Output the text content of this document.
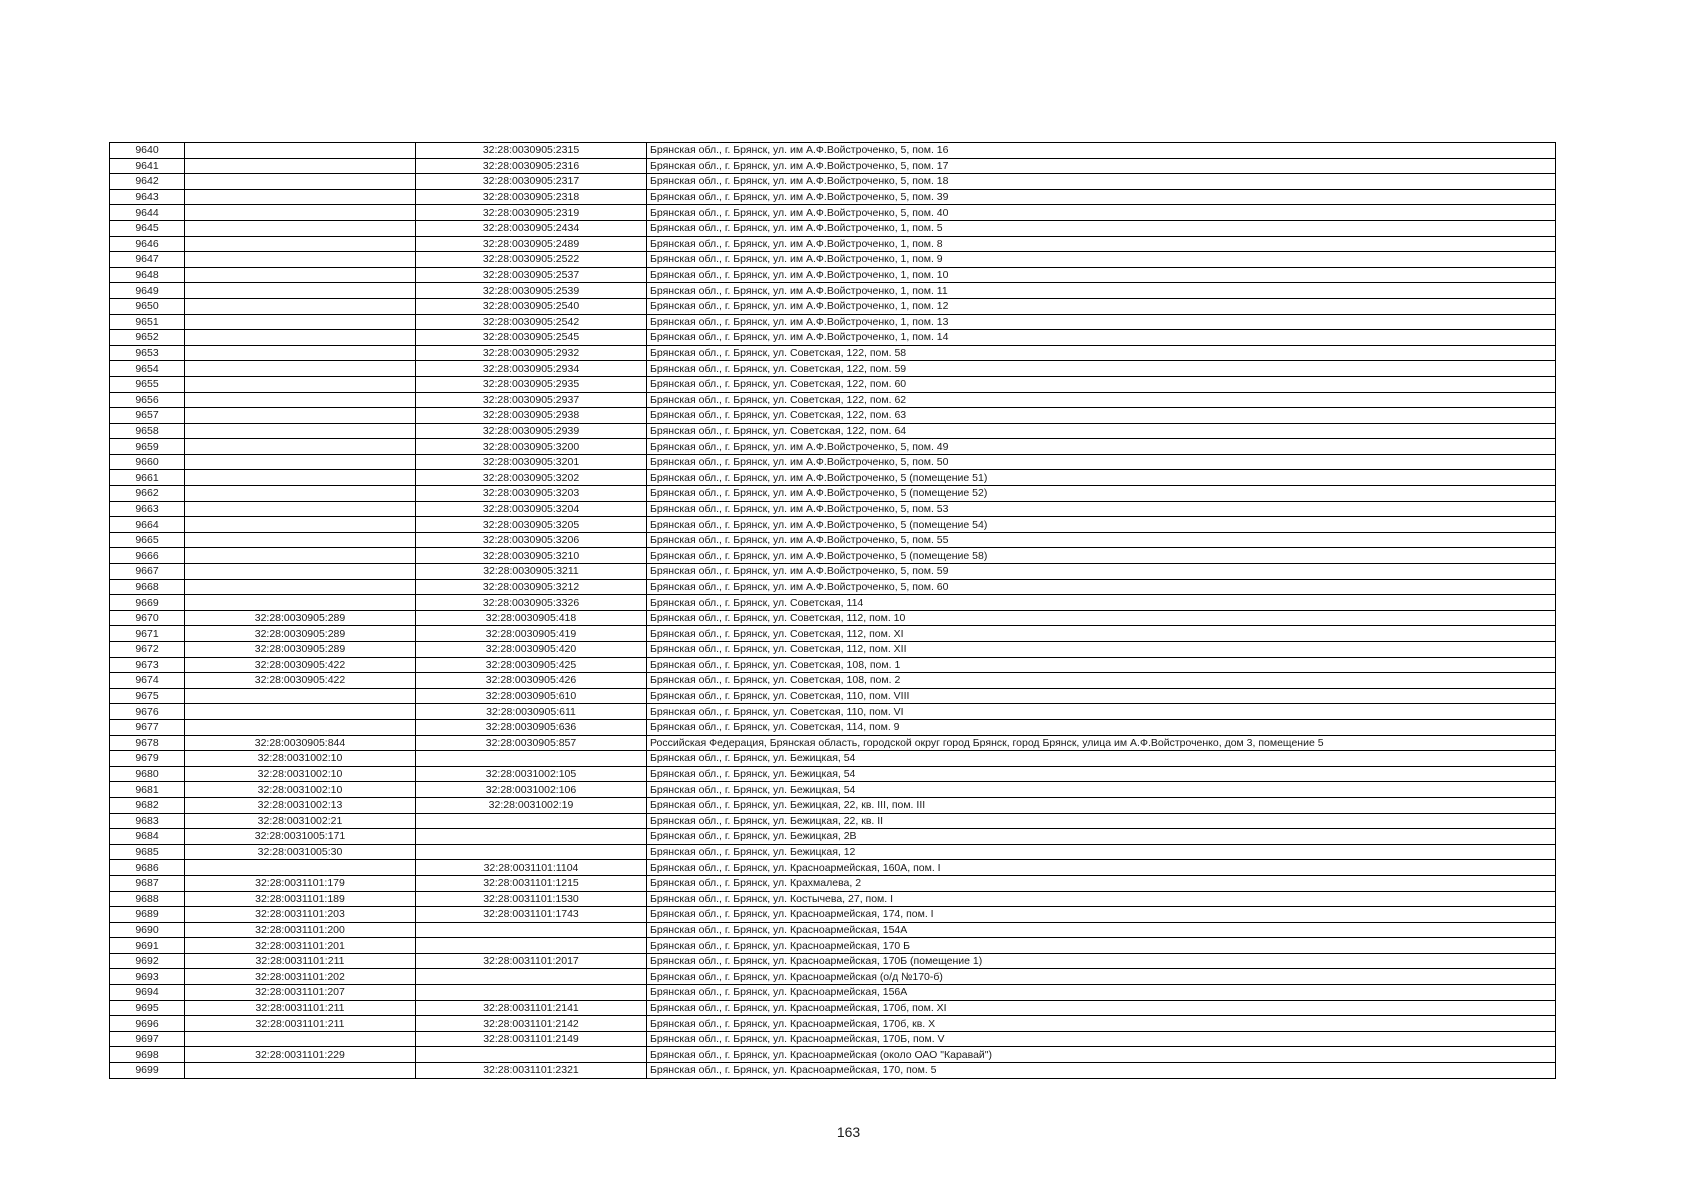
9640		32:28:0030905:2315	Брянская обл., г. Брянск, ул. им А.Ф.Войстроченко, 5, пом. 16
9641		32:28:0030905:2316	Брянская обл., г. Брянск, ул. им А.Ф.Войстроченко, 5, пом. 17
9642		32:28:0030905:2317	Брянская обл., г. Брянск, ул. им А.Ф.Войстроченко, 5, пом. 18
9643		32:28:0030905:2318	Брянская обл., г. Брянск, ул. им А.Ф.Войстроченко, 5, пом. 39
9644		32:28:0030905:2319	Брянская обл., г. Брянск, ул. им А.Ф.Войстроченко, 5, пом. 40
9645		32:28:0030905:2434	Брянская обл., г. Брянск, ул. им А.Ф.Войстроченко, 1, пом. 5
9646		32:28:0030905:2489	Брянская обл., г. Брянск, ул. им А.Ф.Войстроченко, 1, пом. 8
9647		32:28:0030905:2522	Брянская обл., г. Брянск, ул. им А.Ф.Войстроченко, 1, пом. 9
9648		32:28:0030905:2537	Брянская обл., г. Брянск, ул. им А.Ф.Войстроченко, 1, пом. 10
9649		32:28:0030905:2539	Брянская обл., г. Брянск, ул. им А.Ф.Войстроченко, 1, пом. 11
9650		32:28:0030905:2540	Брянская обл., г. Брянск, ул. им А.Ф.Войстроченко, 1, пом. 12
9651		32:28:0030905:2542	Брянская обл., г. Брянск, ул. им А.Ф.Войстроченко, 1, пом. 13
9652		32:28:0030905:2545	Брянская обл., г. Брянск, ул. им А.Ф.Войстроченко, 1, пом. 14
9653		32:28:0030905:2932	Брянская обл., г. Брянск, ул. Советская, 122, пом. 58
9654		32:28:0030905:2934	Брянская обл., г. Брянск, ул. Советская, 122, пом. 59
9655		32:28:0030905:2935	Брянская обл., г. Брянск, ул. Советская, 122, пом. 60
9656		32:28:0030905:2937	Брянская обл., г. Брянск, ул. Советская, 122, пом. 62
9657		32:28:0030905:2938	Брянская обл., г. Брянск, ул. Советская, 122, пом. 63
9658		32:28:0030905:2939	Брянская обл., г. Брянск, ул. Советская, 122, пом. 64
9659		32:28:0030905:3200	Брянская обл., г. Брянск, ул. им А.Ф.Войстроченко, 5, пом. 49
9660		32:28:0030905:3201	Брянская обл., г. Брянск, ул. им А.Ф.Войстроченко, 5, пом. 50
9661		32:28:0030905:3202	Брянская обл., г. Брянск, ул. им А.Ф.Войстроченко, 5 (помещение 51)
9662		32:28:0030905:3203	Брянская обл., г. Брянск, ул. им А.Ф.Войстроченко, 5 (помещение 52)
9663		32:28:0030905:3204	Брянская обл., г. Брянск, ул. им А.Ф.Войстроченко, 5, пом. 53
9664		32:28:0030905:3205	Брянская обл., г. Брянск, ул. им А.Ф.Войстроченко, 5 (помещение 54)
9665		32:28:0030905:3206	Брянская обл., г. Брянск, ул. им А.Ф.Войстроченко, 5, пом. 55
9666		32:28:0030905:3210	Брянская обл., г. Брянск, ул. им А.Ф.Войстроченко, 5 (помещение 58)
9667		32:28:0030905:3211	Брянская обл., г. Брянск, ул. им А.Ф.Войстроченко, 5, пом. 59
9668		32:28:0030905:3212	Брянская обл., г. Брянск, ул. им А.Ф.Войстроченко, 5, пом. 60
9669		32:28:0030905:3326	Брянская обл., г. Брянск, ул. Советская, 114
9670	32:28:0030905:289	32:28:0030905:418	Брянская обл., г. Брянск, ул. Советская, 112, пом. 10
9671	32:28:0030905:289	32:28:0030905:419	Брянская обл., г. Брянск, ул. Советская, 112, пом. XI
9672	32:28:0030905:289	32:28:0030905:420	Брянская обл., г. Брянск, ул. Советская, 112, пом. XII
9673	32:28:0030905:422	32:28:0030905:425	Брянская обл., г. Брянск, ул. Советская, 108, пом. 1
9674	32:28:0030905:422	32:28:0030905:426	Брянская обл., г. Брянск, ул. Советская, 108, пом. 2
9675		32:28:0030905:610	Брянская обл., г. Брянск, ул. Советская, 110, пом. VIII
9676		32:28:0030905:611	Брянская обл., г. Брянск, ул. Советская, 110, пом. VI
9677		32:28:0030905:636	Брянская обл., г. Брянск, ул. Советская, 114, пом. 9
9678	32:28:0030905:844	32:28:0030905:857	Российская Федерация, Брянская область, городской округ город Брянск, город Брянск, улица им А.Ф.Войстроченко, дом 3, помещение 5
9679	32:28:0031002:10		Брянская обл., г. Брянск, ул. Бежицкая, 54
9680	32:28:0031002:10	32:28:0031002:105	Брянская обл., г. Брянск, ул. Бежицкая, 54
9681	32:28:0031002:10	32:28:0031002:106	Брянская обл., г. Брянск, ул. Бежицкая, 54
9682	32:28:0031002:13	32:28:0031002:19	Брянская обл., г. Брянск, ул. Бежицкая, 22, кв. III, пом. III
9683	32:28:0031002:21		Брянская обл., г. Брянск, ул. Бежицкая, 22, кв. II
9684	32:28:0031005:171		Брянская обл., г. Брянск, ул. Бежицкая, 2В
9685	32:28:0031005:30		Брянская обл., г. Брянск, ул. Бежицкая, 12
9686		32:28:0031101:1104	Брянская обл., г. Брянск, ул. Красноармейская, 160А, пом. I
9687	32:28:0031101:179	32:28:0031101:1215	Брянская обл., г. Брянск, ул. Крахмалева, 2
9688	32:28:0031101:189	32:28:0031101:1530	Брянская обл., г. Брянск, ул. Костычева, 27, пом. I
9689	32:28:0031101:203	32:28:0031101:1743	Брянская обл., г. Брянск, ул. Красноармейская, 174, пом. I
9690	32:28:0031101:200		Брянская обл., г. Брянск, ул. Красноармейская, 154А
9691	32:28:0031101:201		Брянская обл., г. Брянск, ул. Красноармейская, 170 Б
9692	32:28:0031101:211	32:28:0031101:2017	Брянская обл., г. Брянск, ул. Красноармейская, 170Б (помещение 1)
9693	32:28:0031101:202		Брянская обл., г. Брянск, ул. Красноармейская (о/д №170-б)
9694	32:28:0031101:207		Брянская обл., г. Брянск, ул. Красноармейская, 156А
9695	32:28:0031101:211	32:28:0031101:2141	Брянская обл., г. Брянск, ул. Красноармейская, 170б, пом. XI
9696	32:28:0031101:211	32:28:0031101:2142	Брянская обл., г. Брянск, ул. Красноармейская, 170б, кв. X
9697		32:28:0031101:2149	Брянская обл., г. Брянск, ул. Красноармейская, 170Б, пом. V
9698	32:28:0031101:229		Брянская обл., г. Брянск, ул. Красноармейская (около ОАО "Каравай")
9699		32:28:0031101:2321	Брянская обл., г. Брянск, ул. Красноармейская, 170, пом. 5
163
